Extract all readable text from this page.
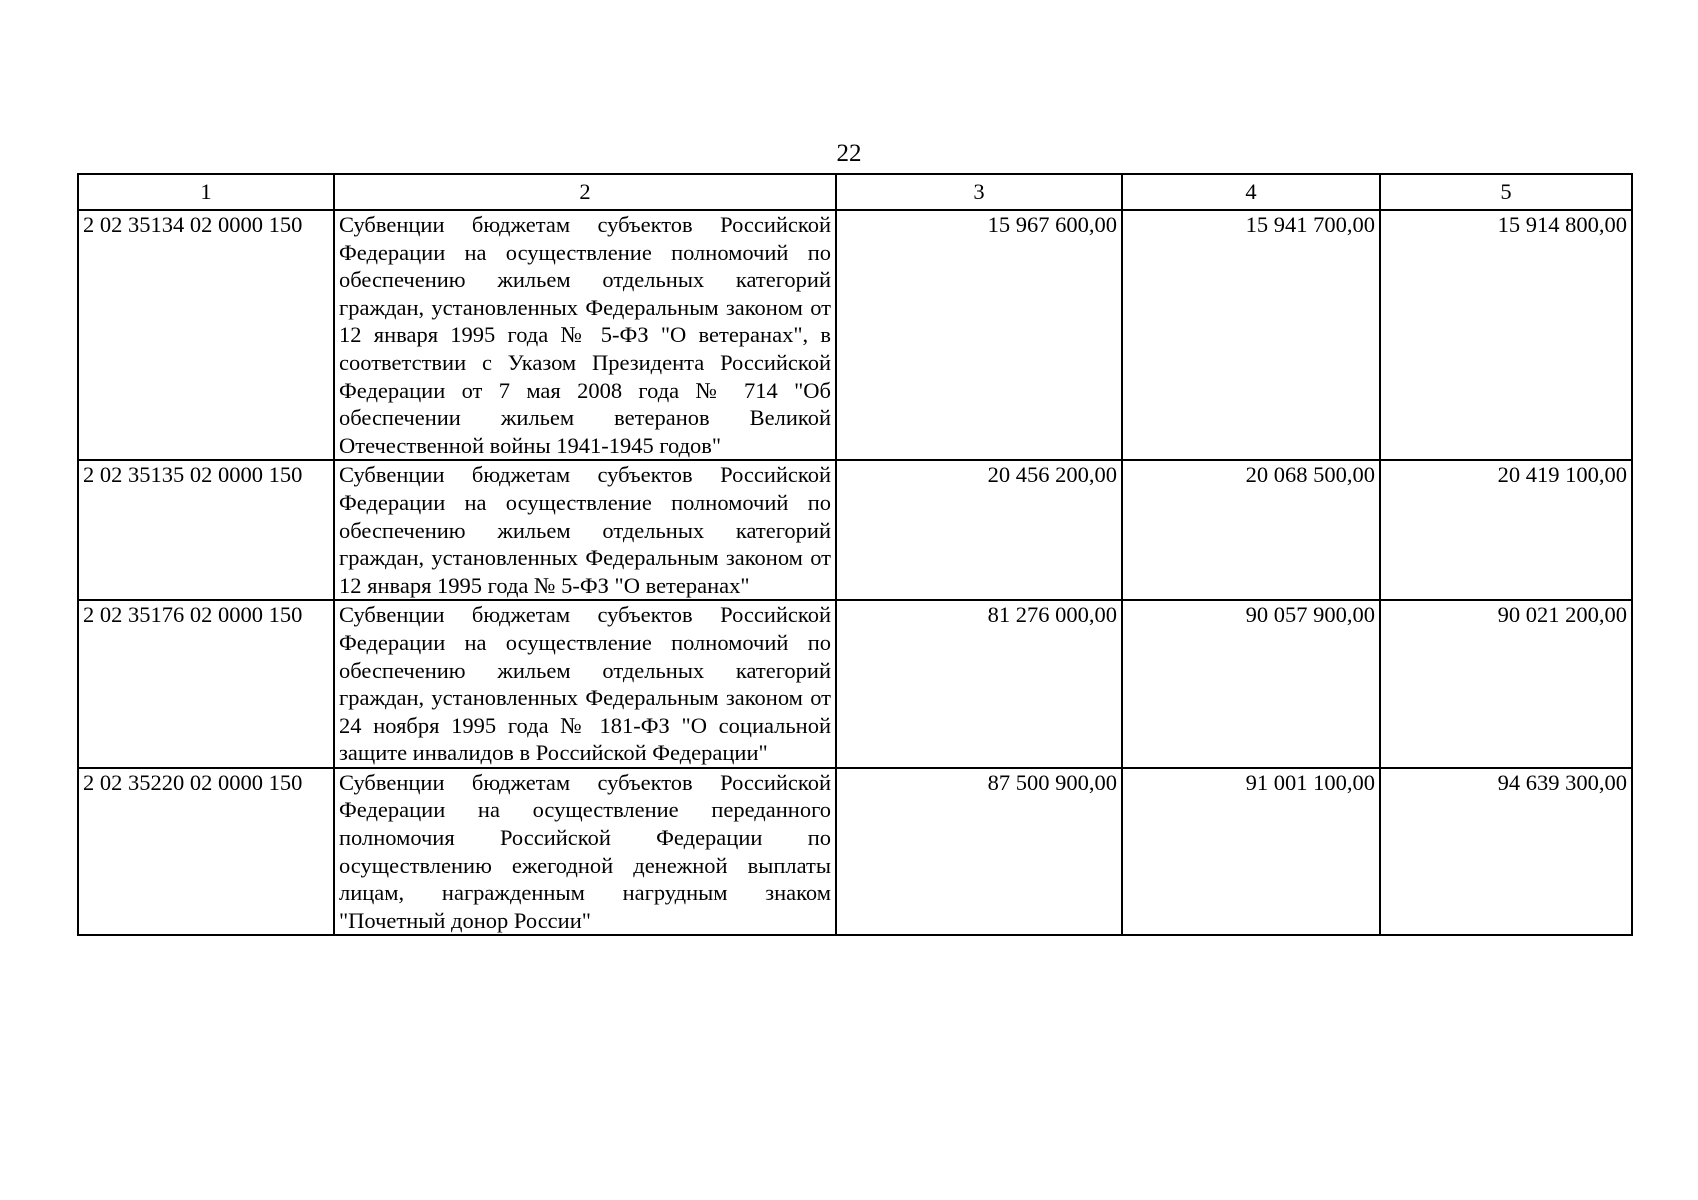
22
1	2	3	4	5
2 02 35134 02 0000 150	Субвенции бюджетам субъектов Российской Федерации на осуществление полномочий по обеспечению жильем отдельных категорий граждан, установленных Федеральным законом от 12 января 1995 года № 5-ФЗ "О ветеранах", в соответствии с Указом Президента Российской Федерации от 7 мая 2008 года № 714 "Об обеспечении жильем ветеранов Великой Отечественной войны 1941-1945 годов"	15 967 600,00	15 941 700,00	15 914 800,00
2 02 35135 02 0000 150	Субвенции бюджетам субъектов Российской Федерации на осуществление полномочий по обеспечению жильем отдельных категорий граждан, установленных Федеральным законом от 12 января 1995 года № 5-ФЗ "О ветеранах"	20 456 200,00	20 068 500,00	20 419 100,00
2 02 35176 02 0000 150	Субвенции бюджетам субъектов Российской Федерации на осуществление полномочий по обеспечению жильем отдельных категорий граждан, установленных Федеральным законом от 24 ноября 1995 года № 181-ФЗ "О социальной защите инвалидов в Российской Федерации"	81 276 000,00	90 057 900,00	90 021 200,00
2 02 35220 02 0000 150	Субвенции бюджетам субъектов Российской Федерации на осуществление переданного полномочия Российской Федерации по осуществлению ежегодной денежной выплаты лицам, награжденным нагрудным знаком "Почетный донор России"	87 500 900,00	91 001 100,00	94 639 300,00
